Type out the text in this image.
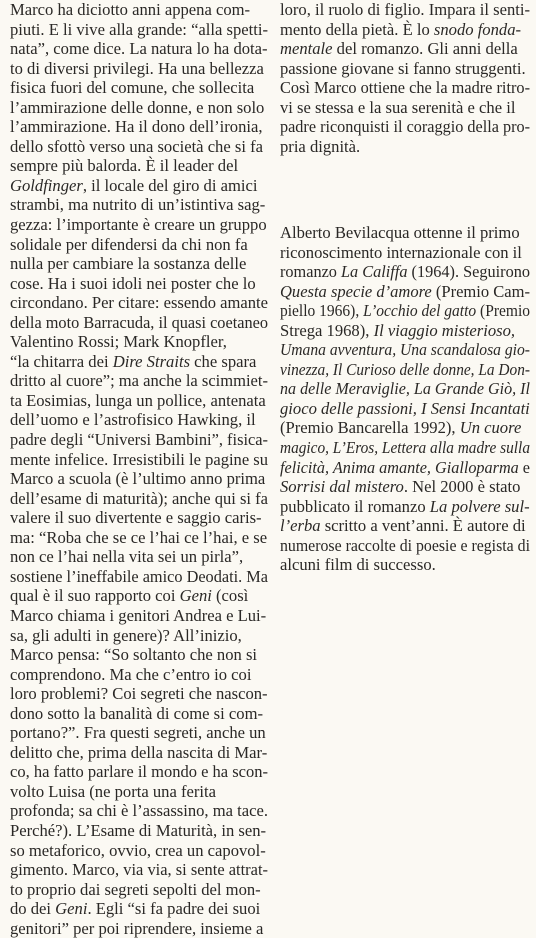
Marco ha diciotto anni appena com-
piuti. E li vive alla grande: “alla spetti-
nata”, come dice. La natura lo ha dota-
to di diversi privilegi. Ha una bellezza
fisica fuori del comune, che sollecita
l’ammirazione delle donne, e non solo
l’ammirazione. Ha il dono dell’ironia,
dello sfottò verso una società che si fa
sempre più balorda. È il leader del
Goldfinger, il locale del giro di amici
strambi, ma nutrito di un’istintiva sag-
gezza: l’importante è creare un gruppo
solidale per difendersi da chi non fa
nulla per cambiare la sostanza delle
cose. Ha i suoi idoli nei poster che lo
circondano. Per citare: essendo amante
della moto Barracuda, il quasi coetaneo
Valentino Rossi; Mark Knopfler,
“la chitarra dei Dire Straits che spara
dritto al cuore”; ma anche la scimmiet-
ta Eosimias, lunga un pollice, antenata
dell’uomo e l’astrofisico Hawking, il
padre degli “Universi Bambini”, fisica-
mente infelice. Irresistibili le pagine su
Marco a scuola (è l’ultimo anno prima
dell’esame di maturità); anche qui si fa
valere il suo divertente e saggio caris-
ma: “Roba che se ce l’hai ce l’hai, e se
non ce l’hai nella vita sei un pirla”,
sostiene l’ineffabile amico Deodati. Ma
qual è il suo rapporto coi Geni (così
Marco chiama i genitori Andrea e Lui-
sa, gli adulti in genere)? All’inizio,
Marco pensa: “So soltanto che non si
comprendono. Ma che c’entro io coi
loro problemi? Coi segreti che nascon-
dono sotto la banalità di come si com-
portano?”. Fra questi segreti, anche un
delitto che, prima della nascita di Mar-
co, ha fatto parlare il mondo e ha scon-
volto Luisa (ne porta una ferita
profonda; sa chi è l’assassino, ma tace.
Perché?). L’Esame di Maturità, in sen-
so metaforico, ovvio, crea un capovol-
gimento. Marco, via via, si sente attrat-
to proprio dai segreti sepolti del mon-
do dei Geni. Egli “si fa padre dei suoi
genitori” per poi riprendere, insieme a
loro, il ruolo di figlio. Impara il senti-
mento della pietà. È lo snodo fonda-
mentale del romanzo. Gli anni della
passione giovane si fanno struggenti.
Così Marco ottiene che la madre ritro-
vi se stessa e la sua serenità e che il
padre riconquisti il coraggio della pro-
pria dignità.
Alberto Bevilacqua ottenne il primo
riconoscimento internazionale con il
romanzo La Califfa (1964). Seguirono
Questa specie d’amore (Premio Cam-
piello 1966), L’occhio del gatto (Premio
Strega 1968), Il viaggio misterioso,
Umana avventura, Una scandalosa gio-
vinezza, Il Curioso delle donne, La Don-
na delle Meraviglie, La Grande Giò, Il
gioco delle passioni, I Sensi Incantati
(Premio Bancarella 1992), Un cuore
magico, L’Eros, Lettera alla madre sulla
felicità, Anima amante, Gialloparma e
Sorrisi dal mistero. Nel 2000 è stato
pubblicato il romanzo La polvere sul-
l’erba scritto a vent’anni. È autore di
numerose raccolte di poesie e regista di
alcuni film di successo.
